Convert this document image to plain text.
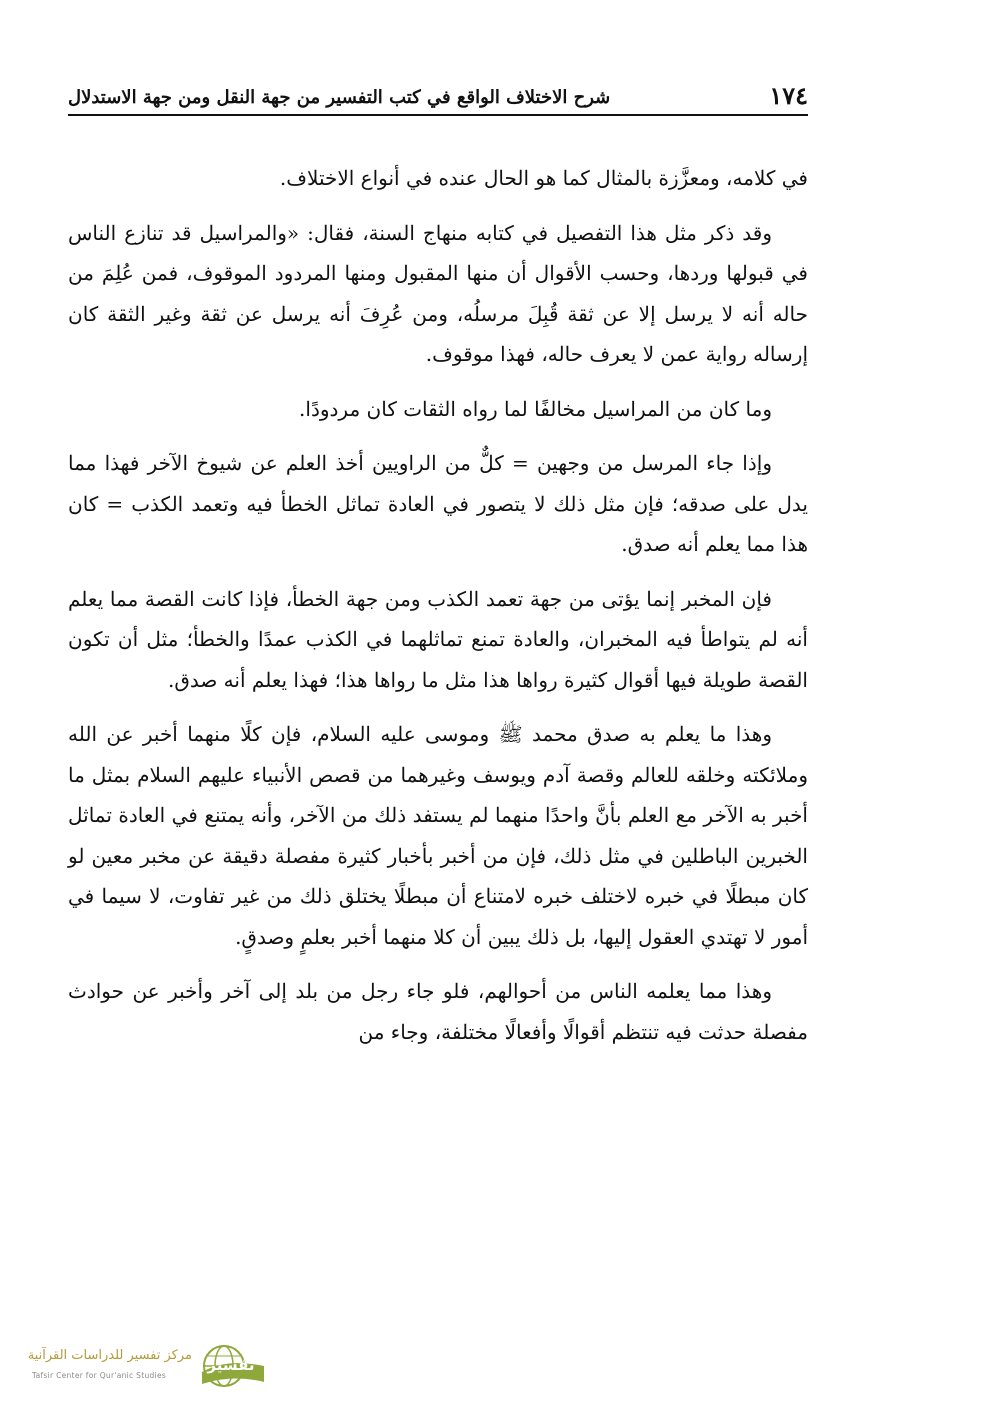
١٧٤
شرح الاختلاف الواقع في كتب التفسير من جهة النقل ومن جهة الاستدلال

في كلامه، ومعزَّزة بالمثال كما هو الحال عنده في أنواع الاختلاف.

وقد ذكر مثل هذا التفصيل في كتابه منهاج السنة، فقال: «والمراسيل قد تنازع الناس في قبولها وردها، وحسب الأقوال أن منها المقبول ومنها المردود الموقوف، فمن عُلِمَ من حاله أنه لا يرسل إلا عن ثقة قُبِلَ مرسلُه، ومن عُرِفَ أنه يرسل عن ثقة وغير الثقة كان إرساله رواية عمن لا يعرف حاله، فهذا موقوف.

وما كان من المراسيل مخالفًا لما رواه الثقات كان مردودًا.

وإذا جاء المرسل من وجهين = كلٌّ من الراويين أخذ العلم عن شيوخ الآخر فهذا مما يدل على صدقه؛ فإن مثل ذلك لا يتصور في العادة تماثل الخطأ فيه وتعمد الكذب = كان هذا مما يعلم أنه صدق.

فإن المخبر إنما يؤتى من جهة تعمد الكذب ومن جهة الخطأ، فإذا كانت القصة مما يعلم أنه لم يتواطأ فيه المخبران، والعادة تمنع تماثلهما في الكذب عمدًا والخطأ؛ مثل أن تكون القصة طويلة فيها أقوال كثيرة رواها هذا مثل ما رواها هذا؛ فهذا يعلم أنه صدق.

وهذا ما يعلم به صدق محمد ﷺ وموسى عليه السلام، فإن كلًا منهما أخبر عن الله وملائكته وخلقه للعالم وقصة آدم ويوسف وغيرهما من قصص الأنبياء عليهم السلام بمثل ما أخبر به الآخر مع العلم بأنَّ واحدًا منهما لم يستفد ذلك من الآخر، وأنه يمتنع في العادة تماثل الخبرين الباطلين في مثل ذلك، فإن من أخبر بأخبار كثيرة مفصلة دقيقة عن مخبر معين لو كان مبطلًا في خبره لاختلف خبره لامتناع أن مبطلًا يختلق ذلك من غير تفاوت، لا سيما في أمور لا تهتدي العقول إليها، بل ذلك يبين أن كلا منهما أخبر بعلمٍ وصدقٍ.

وهذا مما يعلمه الناس من أحوالهم، فلو جاء رجل من بلد إلى آخر وأخبر عن حوادث مفصلة حدثت فيه تنتظم أقوالًا وأفعالًا مختلفة، وجاء من

مركز تفسير للدراسات القرآنية
Tafsir Center for Qur'anic Studies
تفسير
